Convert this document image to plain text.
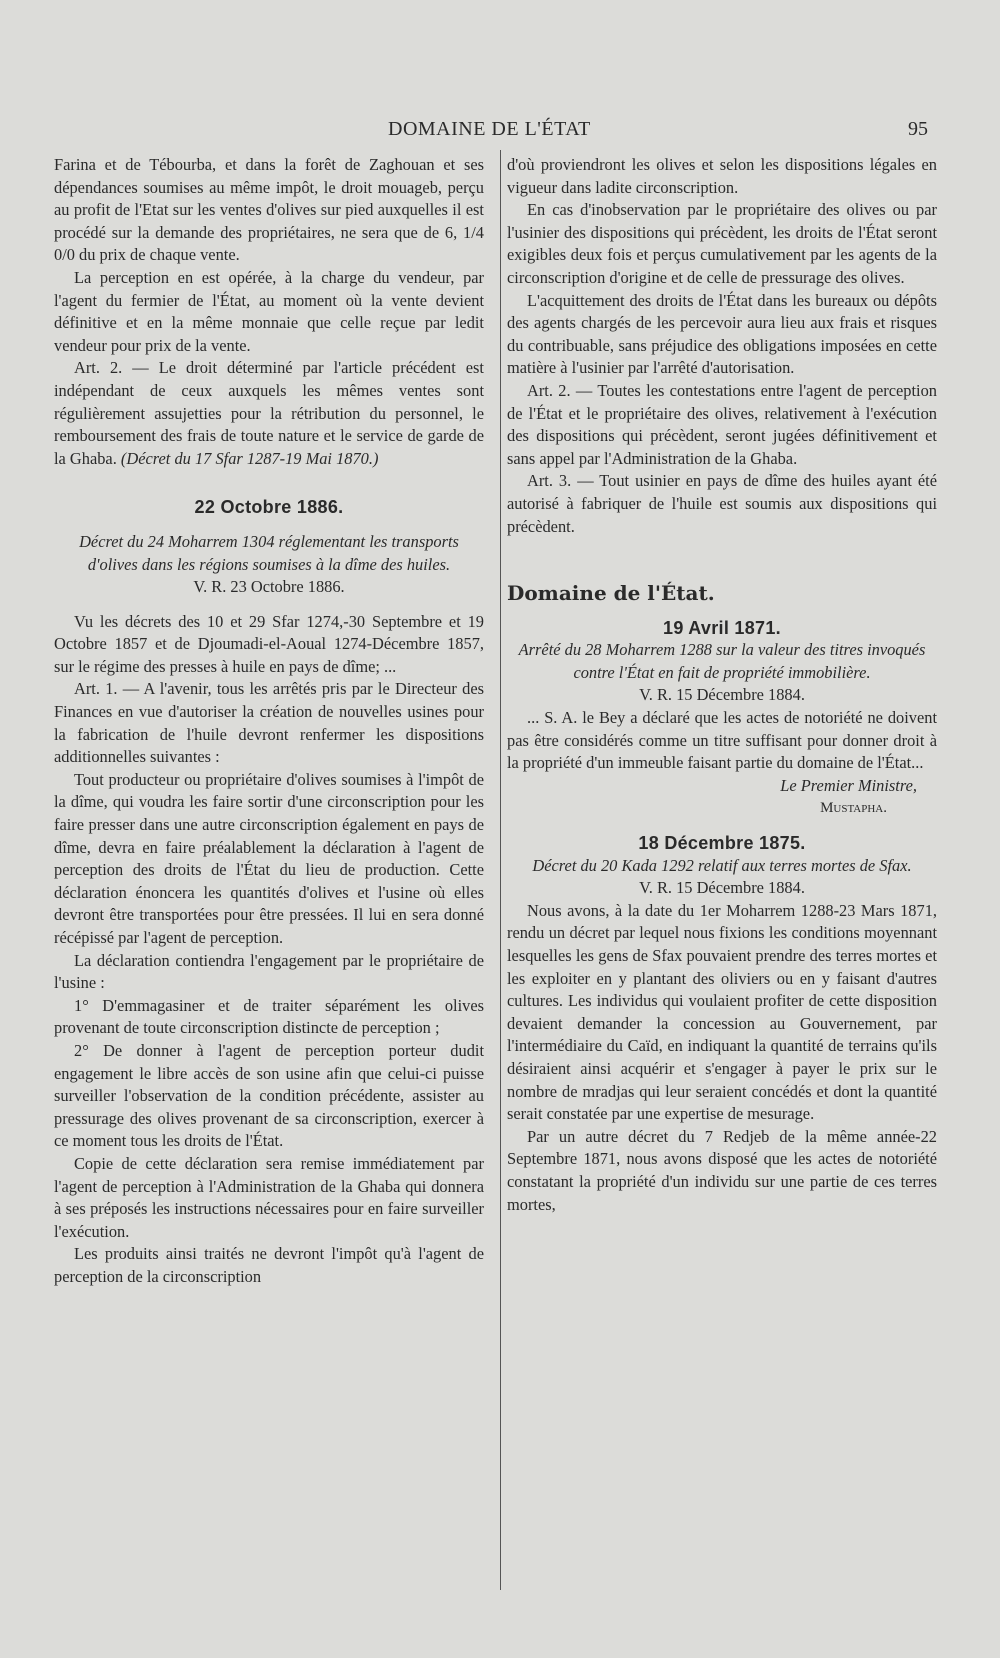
DOMAINE DE L'ÉTAT	95

Farina et de Tébourba, et dans la forêt de Zaghouan et ses dépendances soumises au même impôt, le droit mouageb, perçu au profit de l'Etat sur les ventes d'olives sur pied auxquelles il est procédé sur la demande des propriétaires, ne sera que de 6, 1/4 0/0 du prix de chaque vente.

La perception en est opérée, à la charge du vendeur, par l'agent du fermier de l'État, au moment où la vente devient définitive et en la même monnaie que celle reçue par ledit vendeur pour prix de la vente.

Art. 2. — Le droit déterminé par l'article précédent est indépendant de ceux auxquels les mêmes ventes sont régulièrement assujetties pour la rétribution du personnel, le remboursement des frais de toute nature et le service de garde de la Ghaba. (Décret du 17 Sfar 1287-19 Mai 1870.)

22 Octobre 1886.

Décret du 24 Moharrem 1304 réglementant les transports d'olives dans les régions soumises à la dîme des huiles.

V. R. 23 Octobre 1886.

Vu les décrets des 10 et 29 Sfar 1274,-30 Septembre et 19 Octobre 1857 et de Djoumadi-el-Aoual 1274-Décembre 1857, sur le régime des presses à huile en pays de dîme; ...

Art. 1. — A l'avenir, tous les arrêtés pris par le Directeur des Finances en vue d'autoriser la création de nouvelles usines pour la fabrication de l'huile devront renfermer les dispositions additionnelles suivantes :

Tout producteur ou propriétaire d'olives soumises à l'impôt de la dîme, qui voudra les faire sortir d'une circonscription pour les faire presser dans une autre circonscription également en pays de dîme, devra en faire préalablement la déclaration à l'agent de perception des droits de l'État du lieu de production. Cette déclaration énoncera les quantités d'olives et l'usine où elles devront être transportées pour être pressées. Il lui en sera donné récépissé par l'agent de perception.

La déclaration contiendra l'engagement par le propriétaire de l'usine :

1° D'emmagasiner et de traiter séparément les olives provenant de toute circonscription distincte de perception ;

2° De donner à l'agent de perception porteur dudit engagement le libre accès de son usine afin que celui-ci puisse surveiller l'observation de la condition précédente, assister au pressurage des olives provenant de sa circonscription, exercer à ce moment tous les droits de l'État.

Copie de cette déclaration sera remise immédiatement par l'agent de perception à l'Administration de la Ghaba qui donnera à ses préposés les instructions nécessaires pour en faire surveiller l'exécution.

Les produits ainsi traités ne devront l'impôt qu'à l'agent de perception de la circonscription

d'où proviendront les olives et selon les dispositions légales en vigueur dans ladite circonscription.

En cas d'inobservation par le propriétaire des olives ou par l'usinier des dispositions qui précèdent, les droits de l'État seront exigibles deux fois et perçus cumulativement par les agents de la circonscription d'origine et de celle de pressurage des olives.

L'acquittement des droits de l'État dans les bureaux ou dépôts des agents chargés de les percevoir aura lieu aux frais et risques du contribuable, sans préjudice des obligations imposées en cette matière à l'usinier par l'arrêté d'autorisation.

Art. 2. — Toutes les contestations entre l'agent de perception de l'État et le propriétaire des olives, relativement à l'exécution des dispositions qui précèdent, seront jugées définitivement et sans appel par l'Administration de la Ghaba.

Art. 3. — Tout usinier en pays de dîme des huiles ayant été autorisé à fabriquer de l'huile est soumis aux dispositions qui précèdent.

Domaine de l'État.

19 Avril 1871.

Arrêté du 28 Moharrem 1288 sur la valeur des titres invoqués contre l'État en fait de propriété immobilière.

V. R. 15 Décembre 1884.

... S. A. le Bey a déclaré que les actes de notoriété ne doivent pas être considérés comme un titre suffisant pour donner droit à la propriété d'un immeuble faisant partie du domaine de l'État...

Le Premier Ministre,

Mustapha.

18 Décembre 1875.

Décret du 20 Kada 1292 relatif aux terres mortes de Sfax.

V. R. 15 Décembre 1884.

Nous avons, à la date du 1er Moharrem 1288-23 Mars 1871, rendu un décret par lequel nous fixions les conditions moyennant lesquelles les gens de Sfax pouvaient prendre des terres mortes et les exploiter en y plantant des oliviers ou en y faisant d'autres cultures. Les individus qui voulaient profiter de cette disposition devaient demander la concession au Gouvernement, par l'intermédiaire du Caïd, en indiquant la quantité de terrains qu'ils désiraient ainsi acquérir et s'engager à payer le prix sur le nombre de mradjas qui leur seraient concédés et dont la quantité serait constatée par une expertise de mesurage.

Par un autre décret du 7 Redjeb de la même année-22 Septembre 1871, nous avons disposé que les actes de notoriété constatant la propriété d'un individu sur une partie de ces terres mortes,
